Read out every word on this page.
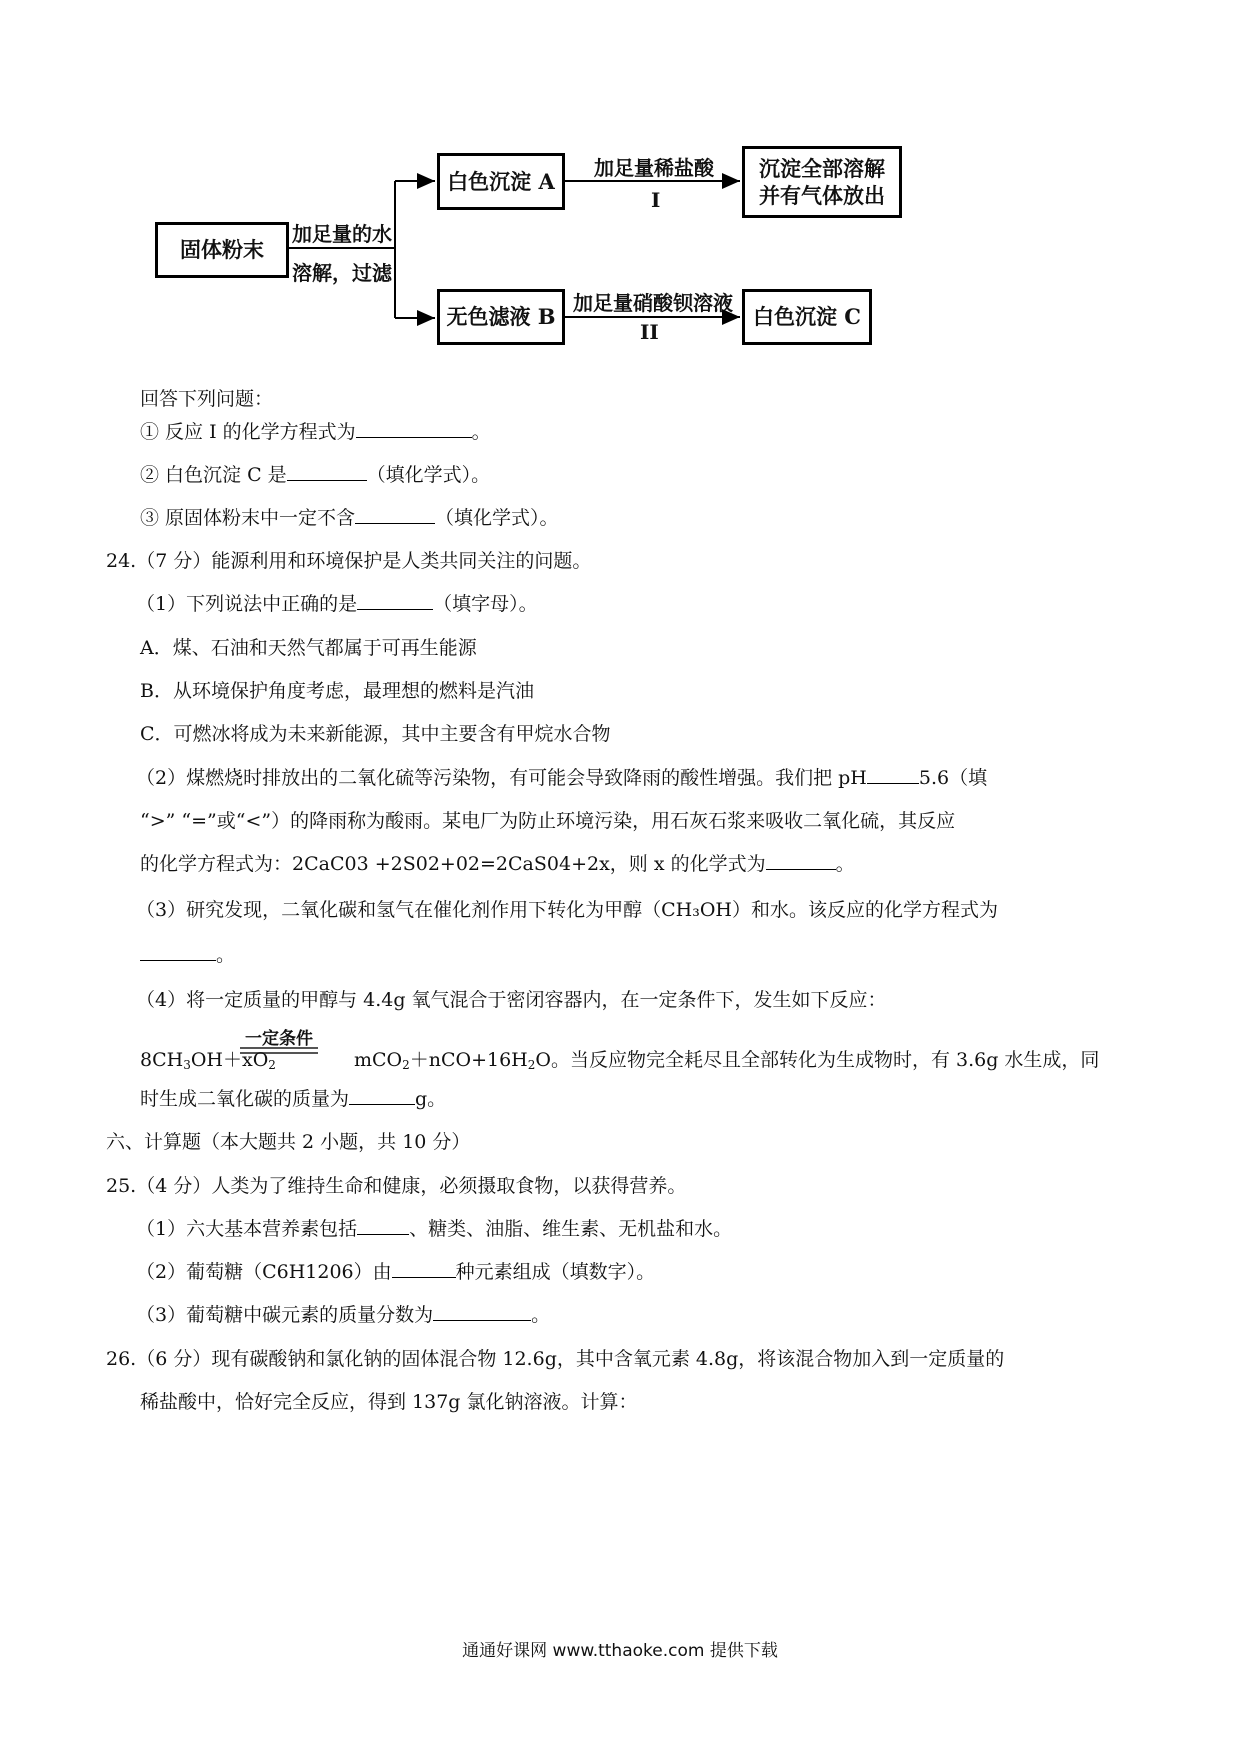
固体粉末
加足量的水
溶解，过滤
白色沉淀 A
无色滤液 B
加足量稀盐酸
I
加足量硝酸钡溶液
II
沉淀全部溶解并有气体放出
白色沉淀 C
回答下列问题：
① 反应 I 的化学方程式为	。
② 白色沉淀 C 是	（填化学式）。
③ 原固体粉末中一定不含	（填化学式）。
24.（7 分）能源利用和环境保护是人类共同关注的问题。
（1）下列说法中正确的是	（填字母）。
A．煤、石油和天然气都属于可再生能源
B．从环境保护角度考虑，最理想的燃料是汽油
C．可燃冰将成为未来新能源，其中主要含有甲烷水合物
（2）煤燃烧时排放出的二氧化硫等污染物，有可能会导致降雨的酸性增强。我们把 pH	5.6（填
“>” “=”或“<”）的降雨称为酸雨。某电厂为防止环境污染，用石灰石浆来吸收二氧化硫，其反应
的化学方程式为：2CaC03 +2S02+02=2CaS04+2x，则 x 的化学式为	。
（3）研究发现，二氧化碳和氢气在催化剂作用下转化为甲醇（CH₃OH）和水。该反应的化学方程式为
。
（4）将一定质量的甲醇与 4.4g 氧气混合于密闭容器内，在一定条件下，发生如下反应：
一定条件
$8CH_3OH+xO_2$	$mCO_2+nCO+16H_2O$。当反应物完全耗尽且全部转化为生成物时，有 3.6g 水生成，同
时生成二氧化碳的质量为	g。
六、计算题（本大题共 2 小题，共 10 分）
25.（4 分）人类为了维持生命和健康，必须摄取食物，以获得营养。
（1）六大基本营养素包括	、糖类、油脂、维生素、无机盐和水。
（2）葡萄糖（C6H1206）由	种元素组成（填数字）。
（3）葡萄糖中碳元素的质量分数为	。
26.（6 分）现有碳酸钠和氯化钠的固体混合物 12.6g，其中含氧元素 4.8g，将该混合物加入到一定质量的
稀盐酸中，恰好完全反应，得到 137g 氯化钠溶液。计算：
通通好课网 www.tthaoke.com 提供下载
